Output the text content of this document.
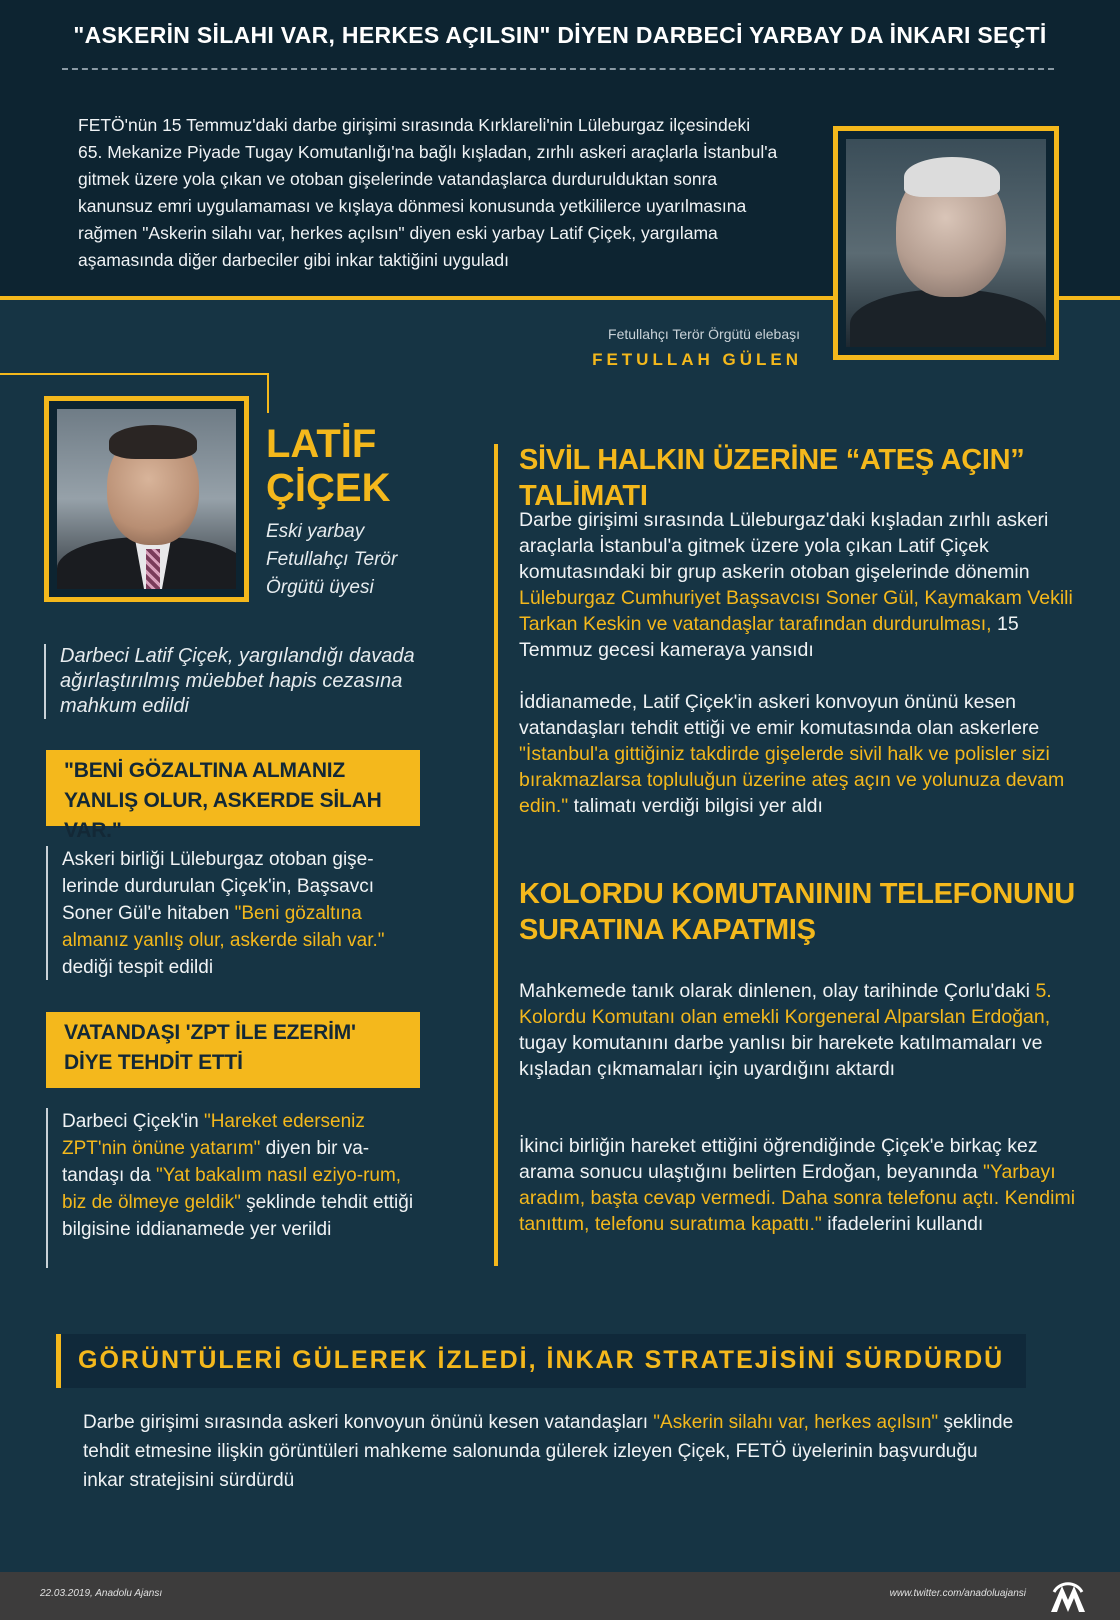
"ASKERİN SİLAHI VAR, HERKES AÇILSIN" DİYEN DARBECİ YARBAY DA İNKARI SEÇTİ

FETÖ'nün 15 Temmuz'daki darbe girişimi sırasında Kırklareli'nin Lüleburgaz ilçesindeki 65. Mekanize Piyade Tugay Komutanlığı'na bağlı kışladan, zırhlı askeri araçlarla İstanbul'a gitmek üzere yola çıkan ve otoban gişelerinde vatandaşlarca durdurulduktan sonra kanunsuz emri uygulamaması ve kışlaya dönmesi konusunda yetkililerce uyarılmasına rağmen "Askerin silahı var, herkes açılsın" diyen eski yarbay Latif Çiçek, yargılama aşamasında diğer darbeciler gibi inkar taktiğini uyguladı

Fetullahçı Terör Örgütü elebaşı
FETULLAH GÜLEN
LATİF
ÇİÇEK
Eski yarbay
Fetullahçı Terör
Örgütü üyesi

Darbeci Latif Çiçek, yargılandığı davada ağırlaştırılmış müebbet hapis cezasına mahkum edildi

"BENİ GÖZALTINA ALMANIZ YANLIŞ OLUR, ASKERDE SİLAH VAR."

Askeri birliği Lüleburgaz otoban gişe-lerinde durdurulan Çiçek'in, Başsavcı Soner Gül'e hitaben "Beni gözaltına almanız yanlış olur, askerde silah var." dediği tespit edildi

VATANDAŞI 'ZPT İLE EZERİM' DİYE TEHDİT ETTİ

Darbeci Çiçek'in "Hareket ederseniz ZPT'nin önüne yatarım" diyen bir va-tandaşı da "Yat bakalım nasıl eziyo-rum, biz de ölmeye geldik" şeklinde tehdit ettiği bilgisine iddianamede yer verildi

SİVİL HALKIN ÜZERİNE “ATEŞ AÇIN” TALİMATI

Darbe girişimi sırasında Lüleburgaz'daki kışladan zırhlı askeri araçlarla İstanbul'a gitmek üzere yola çıkan Latif Çiçek komutasındaki bir grup askerin otoban gişelerinde dönemin Lüleburgaz Cumhuriyet Başsavcısı Soner Gül, Kaymakam Vekili Tarkan Keskin ve vatandaşlar tarafından durdurulması, 15 Temmuz gecesi kameraya yansıdı

İddianamede, Latif Çiçek'in askeri konvoyun önünü kesen vatandaşları tehdit ettiği ve emir komutasında olan askerlere "İstanbul'a gittiğiniz takdirde gişelerde sivil halk ve polisler sizi bırakmazlarsa topluluğun üzerine ateş açın ve yolunuza devam edin." talimatı verdiği bilgisi yer aldı

KOLORDU KOMUTANININ TELEFONUNU SURATINA KAPATMIŞ

Mahkemede tanık olarak dinlenen, olay tarihinde Çorlu'daki 5. Kolordu Komutanı olan emekli Korgeneral Alparslan Erdoğan, tugay komutanını darbe yanlısı bir harekete katılmamaları ve kışladan çıkmamaları için uyardığını aktardı

İkinci birliğin hareket ettiğini öğrendiğinde Çiçek'e birkaç kez arama sonucu ulaştığını belirten Erdoğan, beyanında "Yarbayı aradım, başta cevap vermedi. Daha sonra telefonu açtı. Kendimi tanıttım, telefonu suratıma kapattı." ifadelerini kullandı

GÖRÜNTÜLERİ GÜLEREK İZLEDİ, İNKAR STRATEJİSİNİ SÜRDÜRDÜ

Darbe girişimi sırasında askeri konvoyun önünü kesen vatandaşları "Askerin silahı var, herkes açılsın" şeklinde tehdit etmesine ilişkin görüntüleri mahkeme salonunda gülerek izleyen Çiçek, FETÖ üyelerinin başvurduğu inkar stratejisini sürdürdü

22.03.2019, Anadolu Ajansı	www.twitter.com/anadoluajansi
